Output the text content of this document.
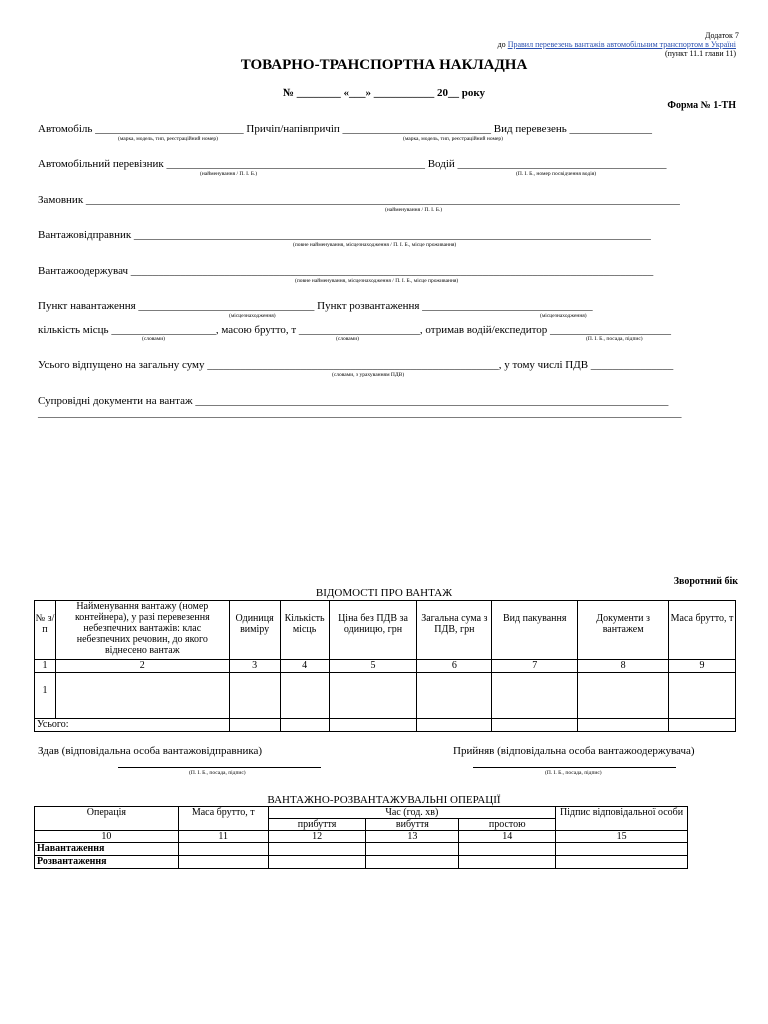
Додаток 7
до Правил перевезень вантажів автомобільним транспортом в Україні
(пункт 11.1 глави 11)
ТОВАРНО-ТРАНСПОРТНА НАКЛАДНА
№ ________ «___» ___________ 20__ року
Форма № 1-ТН
Автомобіль ___________________________ Причіп/напівпричіп ___________________________ Вид перевезень _______________
(марка, модель, тип, реєстраційний номер)	(марка, модель, тип, реєстраційний номер)
Автомобільний перевізник _______________________________________________ Водій ______________________________________
(найменування / П. І. Б.)	(П. І. Б., номер посвідчення водія)
Замовник ____________________________________________________________________________________________________________
(найменування / П. І. Б.)
Вантажовідправник ______________________________________________________________________________________________
(повне найменування, місцезнаходження / П. І. Б., місце проживання)
Вантажоодержувач _______________________________________________________________________________________________
(повне найменування, місцезнаходження / П. І. Б., місце проживання)
Пункт навантаження ________________________________ Пункт розвантаження _______________________________
(місцезнаходження)	(місцезнаходження)
кількість місць ___________________, масою брутто, т ______________________, отримав водій/експедитор ______________________
(словами)	(словами)	(П. І. Б., посада, підпис)
Усього відпущено на загальну суму _____________________________________________________, у тому числі ПДВ _______________
(словами, з урахуванням ПДВ)
Супровідні документи на вантаж ______________________________________________________________________________________
_____________________________________________________________________________________________________________________
Зворотний бік
ВІДОМОСТІ ПРО ВАНТАЖ
№ з/п	Найменування вантажу (номер контейнера), у разі перевезення небезпечних вантажів: клас небезпечних речовин, до якого віднесено вантаж	Одиниця виміру	Кількість місць	Ціна без ПДВ за одиницю, грн	Загальна сума з ПДВ, грн	Вид пакування	Документи з вантажем	Маса брутто, т
1	2	3	4	5	6	7	8	9
1								
Усього:								
Здав (відповідальна особа вантажовідправника)	Прийняв (відповідальна особа вантажоодержувача)
(П. І. Б., посада, підпис)	(П. І. Б., посада, підпис)
ВАНТАЖНО-РОЗВАНТАЖУВАЛЬНІ ОПЕРАЦІЇ
Операція	Маса брутто, т	Час (год. хв)			Підпис відповідальної особи
		прибуття	вибуття	простою	
10	11	12	13	14	15
Навантаження					
Розвантаження					
